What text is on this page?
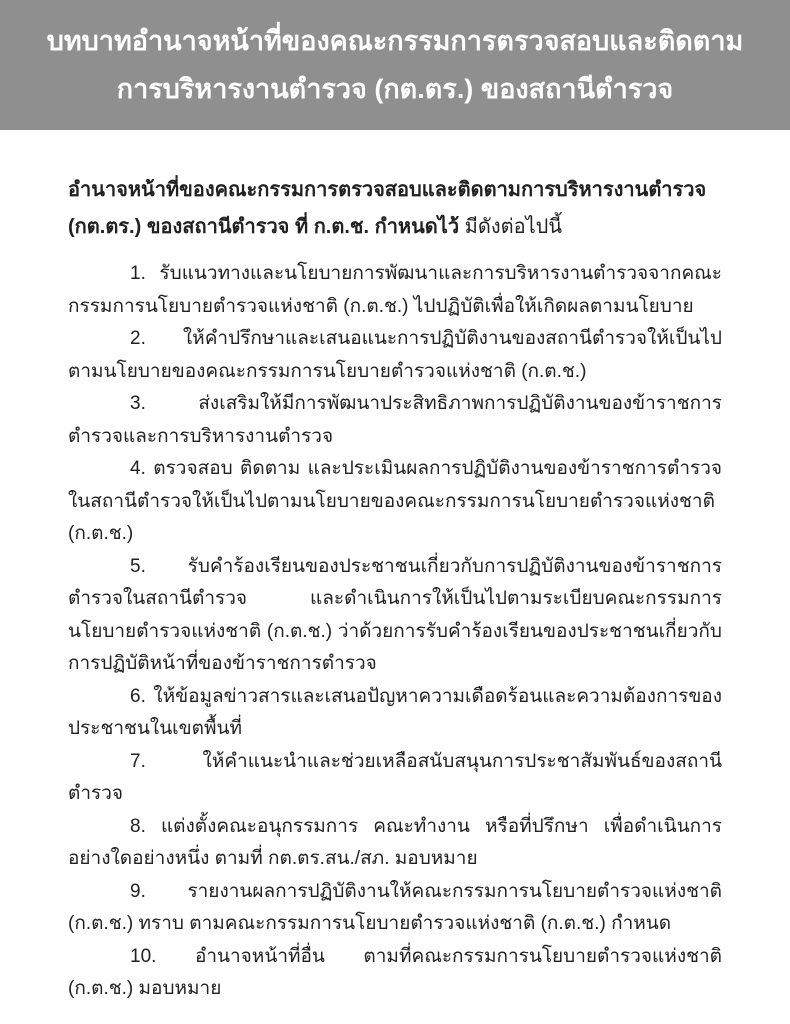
บทบาทอำนาจหน้าที่ของคณะกรรมการตรวจสอบและติดตาม
การบริหารงานตำรวจ (กต.ตร.) ของสถานีตำรวจ

อำนาจหน้าที่ของคณะกรรมการตรวจสอบและติดตามการบริหารงานตำรวจ (กต.ตร.) ของสถานีตำรวจ ที่ ก.ต.ช. กำหนดไว้ มีดังต่อไปนี้

1. รับแนวทางและนโยบายการพัฒนาและการบริหารงานตำรวจจากคณะกรรมการนโยบายตำรวจแห่งชาติ (ก.ต.ช.) ไปปฏิบัติเพื่อให้เกิดผลตามนโยบาย

2. ให้คำปรึกษาและเสนอแนะการปฏิบัติงานของสถานีตำรวจให้เป็นไปตามนโยบายของคณะกรรมการนโยบายตำรวจแห่งชาติ (ก.ต.ช.)

3.	ส่งเสริมให้มีการพัฒนาประสิทธิภาพการปฏิบัติงานของข้าราชการตำรวจและการบริหารงานตำรวจ

4. ตรวจสอบ ติดตาม และประเมินผลการปฏิบัติงานของข้าราชการตำรวจในสถานีตำรวจให้เป็นไปตามนโยบายของคณะกรรมการนโยบายตำรวจแห่งชาติ (ก.ต.ช.)

5. รับคำร้องเรียนของประชาชนเกี่ยวกับการปฏิบัติงานของข้าราชการตำรวจในสถานีตำรวจ และดำเนินการให้เป็นไปตามระเบียบคณะกรรมการนโยบายตำรวจแห่งชาติ (ก.ต.ช.) ว่าด้วยการรับคำร้องเรียนของประชาชนเกี่ยวกับการปฏิบัติหน้าที่ของข้าราชการตำรวจ

6. ให้ข้อมูลข่าวสารและเสนอปัญหาความเดือดร้อนและความต้องการของประชาชนในเขตพื้นที่

7.	ให้คำแนะนำและช่วยเหลือสนับสนุนการประชาสัมพันธ์ของสถานีตำรวจ

8. แต่งตั้งคณะอนุกรรมการ คณะทำงาน หรือที่ปรึกษา เพื่อดำเนินการอย่างใดอย่างหนึ่ง ตามที่ กต.ตร.สน./สภ. มอบหมาย

9. รายงานผลการปฏิบัติงานให้คณะกรรมการนโยบายตำรวจแห่งชาติ (ก.ต.ช.) ทราบ ตามคณะกรรมการนโยบายตำรวจแห่งชาติ (ก.ต.ช.) กำหนด

10. อำนาจหน้าที่อื่น ตามที่คณะกรรมการนโยบายตำรวจแห่งชาติ (ก.ต.ช.) มอบหมาย
